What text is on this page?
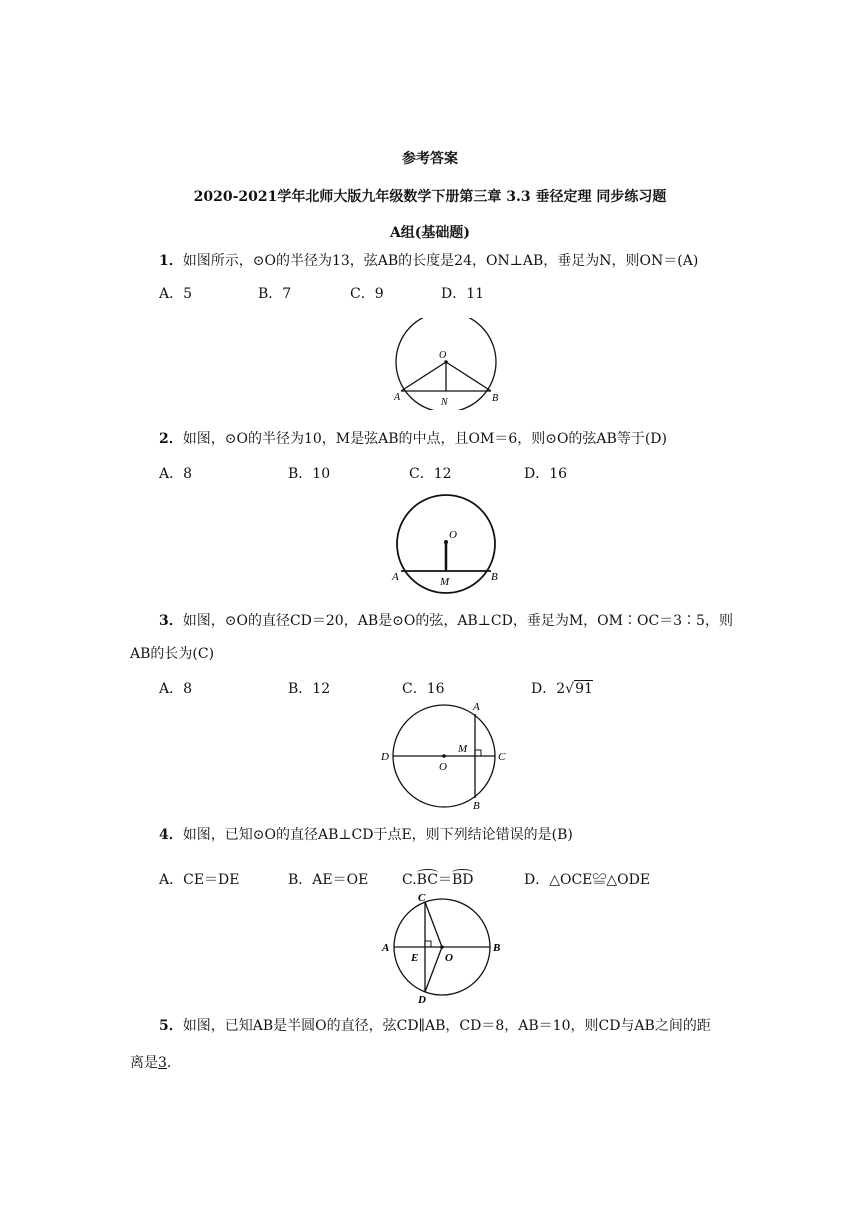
参考答案
2020-2021学年北师大版九年级数学下册第三章 3.3 垂径定理 同步练习题
A组(基础题)
1．如图所示，⊙O的半径为13，弦AB的长度是24，ON⊥AB，垂足为N，则ON＝(A)
A．5	B．7	C．9	D．11
O
A	N	B
2．如图，⊙O的半径为10，M是弦AB的中点，且OM＝6，则⊙O的弦AB等于(D)
A．8	B．10	C．12	D．16
O
A	M	B
3．如图，⊙O的直径CD＝20，AB是⊙O的弦，AB⊥CD，垂足为M，OM∶OC＝3∶5，则
AB的长为(C)
A．8	B．12	C．16	D．2√91
A
B
C
D
M
O
4．如图，已知⊙O的直径AB⊥CD于点E，则下列结论错误的是(B)
A．CE＝DE	B．AE＝OE C.BC＝BD	D．△OCE≌△ODE
C
D
A	B
E O
5．如图，已知AB是半圆O的直径，弦CD∥AB，CD＝8，AB＝10，则CD与AB之间的距
离是3.
